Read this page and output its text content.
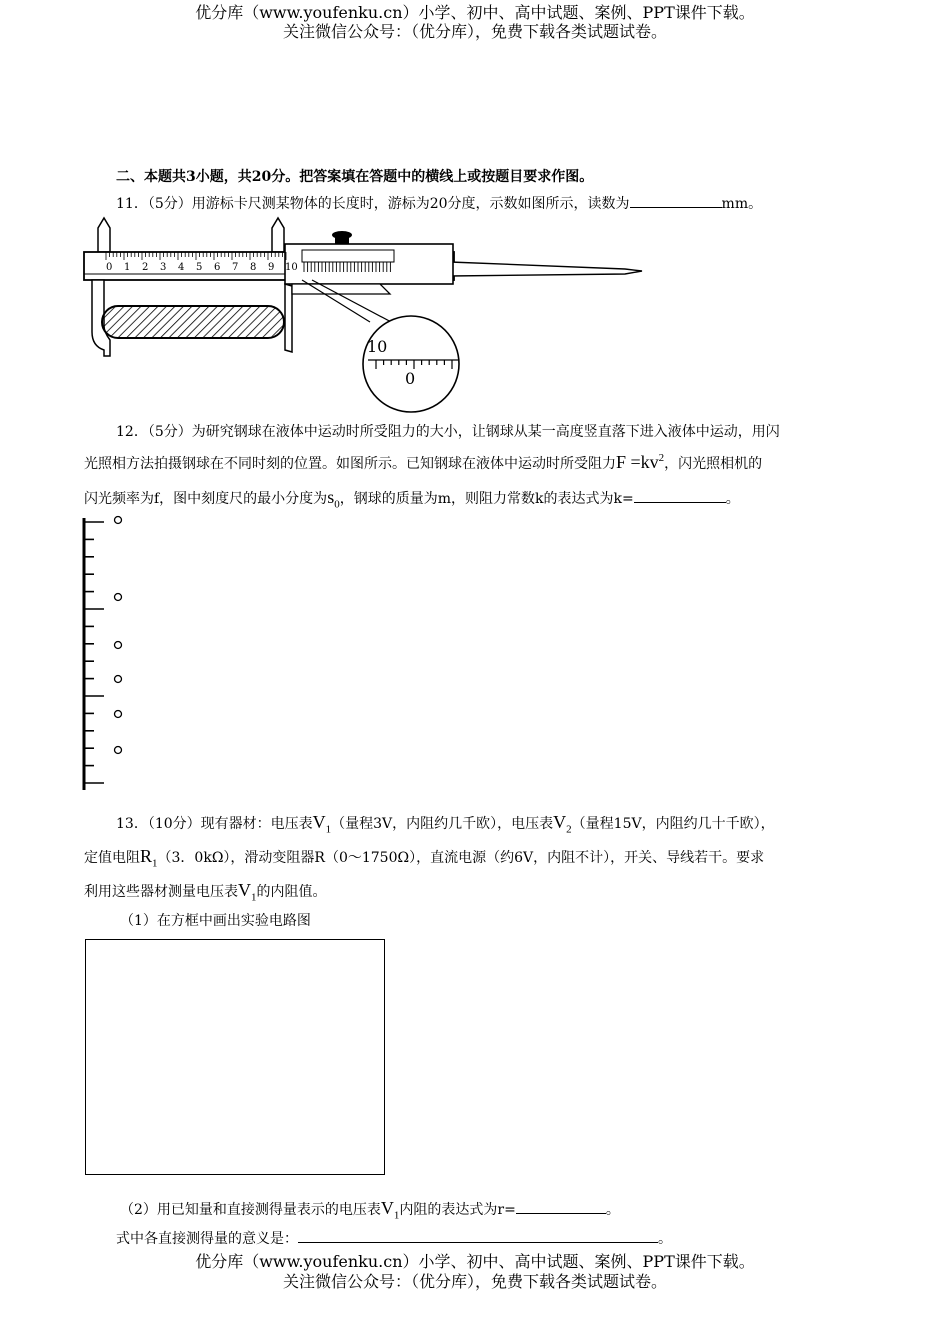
优分库（www.youfenku.cn）小学、初中、高中试题、案例、PPT课件下载。
关注微信公众号：（优分库），免费下载各类试题试卷。
二、本题共3小题，共20分。把答案填在答题中的横线上或按题目要求作图。
11．（5分）用游标卡尺测某物体的长度时，游标为20分度，示数如图所示，读数为	mm。
0 1 2 3 4 5 6 7 8 9 10
10
0
12．（5分）为研究钢球在液体中运动时所受阻力的大小，让钢球从某一高度竖直落下进入液体中运动，用闪
光照相方法拍摄钢球在不同时刻的位置。如图所示。已知钢球在液体中运动时所受阻力$F =kv^2$，闪光照相机的
闪光频率为f，图中刻度尺的最小分度为$s_0$，钢球的质量为m，则阻力常数k的表达式为k=	。
13．（10分）现有器材：电压表$V_1$（量程3V，内阻约几千欧），电压表$V_2$（量程15V，内阻约几十千欧），
定值电阻$R_1(3$．0kΩ），滑动变阻器R（0～1750Ω），直流电源（约6V，内阻不计），开关、导线若干。要求
利用这些器材测量电压表$V_1$的内阻值。
（1）在方框中画出实验电路图
（2）用已知量和直接测得量表示的电压表$V_1$内阻的表达式为r=	。
式中各直接测得量的意义是：	。
优分库（www.youfenku.cn）小学、初中、高中试题、案例、PPT课件下载。
关注微信公众号：（优分库），免费下载各类试题试卷。
